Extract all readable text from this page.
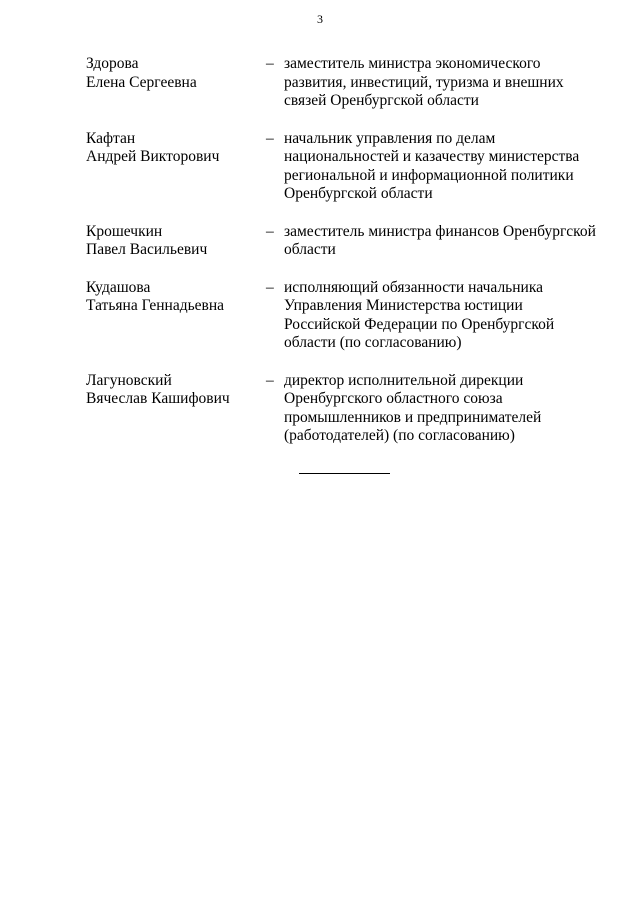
3
Здорова
Елена Сергеевна
– заместитель министра экономического
развития, инвестиций, туризма и внешних
связей Оренбургской области
Кафтан
Андрей Викторович
– начальник управления по делам
национальностей и казачеству министерства
региональной и информационной политики
Оренбургской области
Крошечкин
Павел Васильевич
– заместитель министра финансов Оренбургской
области
Кудашова
Татьяна Геннадьевна
– исполняющий обязанности начальника
Управления Министерства юстиции
Российской Федерации по Оренбургской
области (по согласованию)
Лагуновский
Вячеслав Кашифович
– директор исполнительной дирекции
Оренбургского областного союза
промышленников и предпринимателей
(работодателей) (по согласованию)
